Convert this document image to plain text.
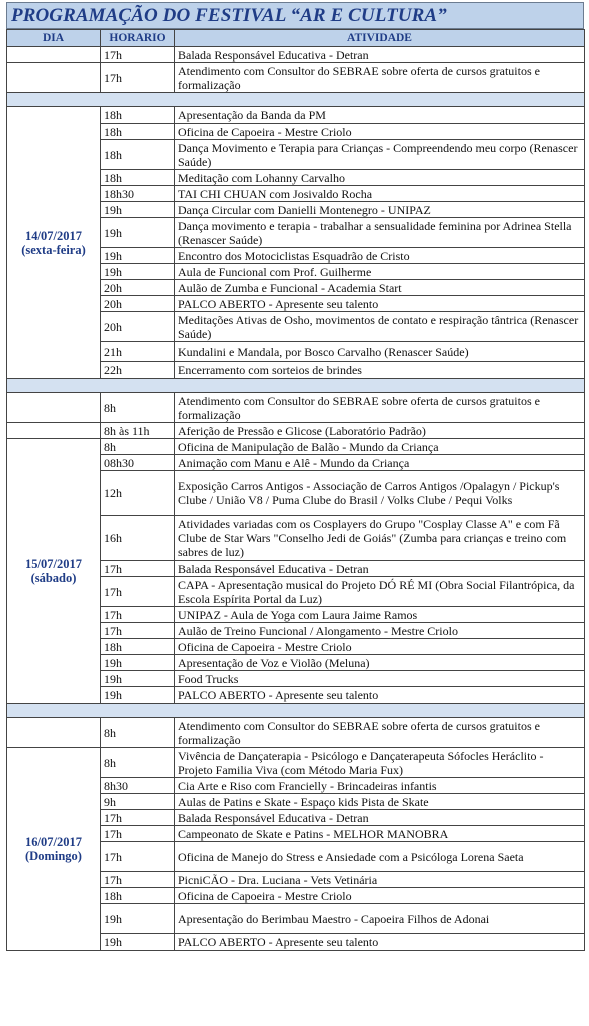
PROGRAMAÇÃO DO FESTIVAL “AR E CULTURA”
DIA	HORARIO	ATIVIDADE
	17h	Balada Responsável Educativa - Detran
	17h	Atendimento com Consultor do SEBRAE sobre oferta de cursos gratuitos e formalização

14/07/2017
(sexta-feira)	18h	Apresentação da Banda da PM
	18h	Oficina de Capoeira - Mestre Criolo
	18h	Dança Movimento e Terapia para Crianças - Compreendendo meu corpo (Renascer Saúde)
	18h	Meditação com Lohanny Carvalho
	18h30	TAI CHI CHUAN com Josivaldo Rocha
	19h	Dança Circular com Danielli Montenegro - UNIPAZ
	19h	Dança movimento e terapia - trabalhar a sensualidade feminina por Adrinea Stella (Renascer Saúde)
	19h	Encontro dos Motociclistas Esquadrão de Cristo
	19h	Aula de Funcional com Prof. Guilherme
	20h	Aulão de Zumba e Funcional - Academia Start
	20h	PALCO ABERTO - Apresente seu talento
	20h	Meditações Ativas de Osho, movimentos de contato e respiração tântrica (Renascer Saúde)
	21h	Kundalini e Mandala, por Bosco Carvalho (Renascer Saúde)
	22h	Encerramento com sorteios de brindes

	8h	Atendimento com Consultor do SEBRAE sobre oferta de cursos gratuitos e formalização
	8h às 11h	Aferição de Pressão e Glicose (Laboratório Padrão)
15/07/2017
(sábado)	8h	Oficina de Manipulação de Balão - Mundo da Criança
	08h30	Animação com Manu e Alê - Mundo da Criança
	12h	Exposição Carros Antigos - Associação de Carros Antigos /Opalagyn / Pickup's Clube / União V8 / Puma Clube do Brasil / Volks Clube / Pequi Volks
	16h	Atividades variadas com os Cosplayers do Grupo "Cosplay Classe A" e com Fã Clube de Star Wars "Conselho Jedi de Goiás" (Zumba para crianças e treino com sabres de luz)
	17h	Balada Responsável Educativa - Detran
	17h	CAPA - Apresentação musical do Projeto DÓ RÉ MI (Obra Social Filantrópica, da Escola Espírita Portal da Luz)
	17h	UNIPAZ - Aula de Yoga com Laura Jaime Ramos
	17h	Aulão de Treino Funcional / Alongamento - Mestre Criolo
	18h	Oficina de Capoeira - Mestre Criolo
	19h	Apresentação de Voz e Violão (Meluna)
	19h	Food Trucks
	19h	PALCO ABERTO - Apresente seu talento

	8h	Atendimento com Consultor do SEBRAE sobre oferta de cursos gratuitos e formalização
16/07/2017
(Domingo)	8h	Vivência de Dançaterapia - Psicólogo e Dançaterapeuta Sófocles Heráclito - Projeto Familia Viva (com Método Maria Fux)
	8h30	Cia Arte e Riso com Francielly - Brincadeiras infantis
	9h	Aulas de Patins e Skate - Espaço kids Pista de Skate
	17h	Balada Responsável Educativa - Detran
	17h	Campeonato de Skate e Patins - MELHOR MANOBRA
	17h	Oficina de Manejo do Stress e Ansiedade com a Psicóloga Lorena Saeta
	17h	PicniCÃO - Dra. Luciana - Vets Vetinária
	18h	Oficina de Capoeira - Mestre Criolo
	19h	Apresentação do Berimbau Maestro - Capoeira Filhos de Adonai
	19h	PALCO ABERTO - Apresente seu talento
